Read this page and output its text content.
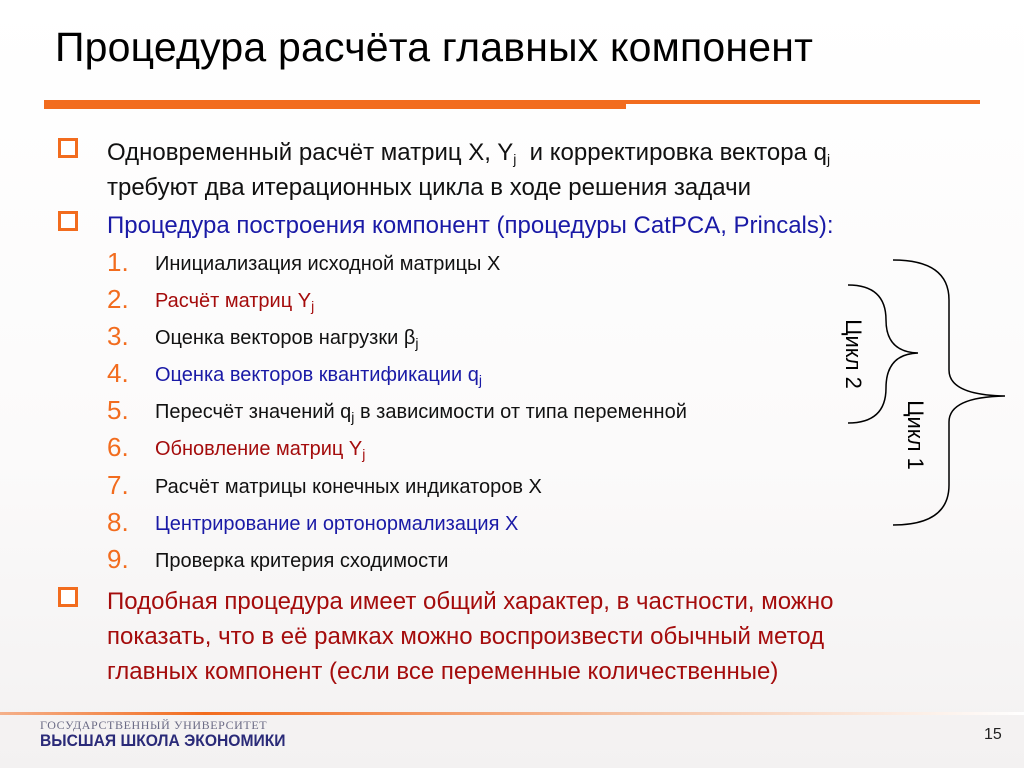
Процедура расчёта главных компонент
Одновременный расчёт матриц X, $Y_j$  и корректировка вектора $q_j$
требуют два итерационных цикла в ходе решения задачи
Процедура построения компонент (процедуры CatPCA, Princals):
1.	Инициализация исходной матрицы X
2.	Расчёт матриц $Y_j$
3.	Оценка векторов нагрузки $\beta_j$
4.	Оценка векторов квантификации $q_j$
5.	Пересчёт значений $q_j$ в зависимости от типа переменной
6.	Обновление матриц $Y_j$
7.	Расчёт матрицы конечных индикаторов X
8.	Центрирование и ортонормализация X
9.	Проверка критерия сходимости
Подобная процедура имеет общий характер, в частности, можно
показать, что в её рамках можно воспроизвести обычный метод
главных компонент (если все переменные количественные)
Цикл 2
Цикл 1
ГОСУДАРСТВЕННЫЙ УНИВЕРСИТЕТ
ВЫСШАЯ ШКОЛА ЭКОНОМИКИ	15
